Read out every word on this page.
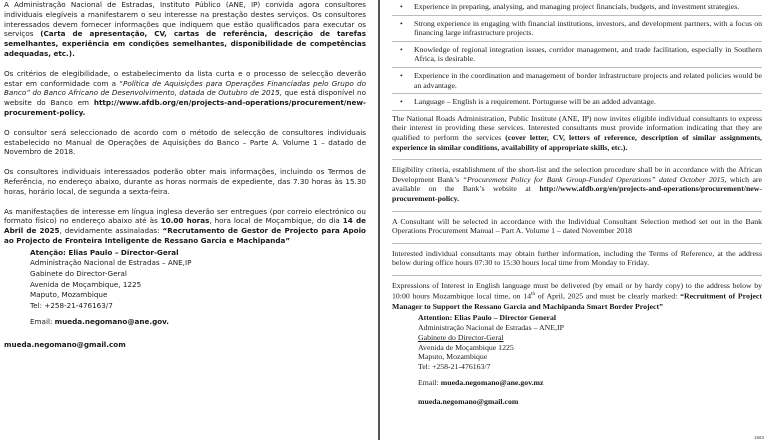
A Administração Nacional de Estradas, Instituto Público (ANE, IP) convida agora consultores individuais elegíveis a manifestarem o seu interesse na prestação destes serviços. Os consultores interessados devem fornecer informações que indiquem que estão qualificados para executar os serviços (Carta de apresentação, CV, cartas de referência, descrição de tarefas semelhantes, experiência em condições semelhantes, disponibilidade de competências adequadas, etc.).

Os critérios de elegibilidade, o estabelecimento da lista curta e o processo de selecção deverão estar em conformidade com a “Política de Aquisições para Operações Financiadas pelo Grupo do Banco” do Banco Africano de Desenvolvimento, datada de Outubro de 2015, que está disponível no website do Banco em http://www.afdb.org/en/projects-and-operations/procurement/new-procurement-policy.

O consultor será seleccionado de acordo com o método de selecção de consultores individuais estabelecido no Manual de Operações de Aquisições do Banco – Parte A. Volume 1 – datado de Novembro de 2018.

Os consultores individuais interessados poderão obter mais informações, incluindo os Termos de Referência, no endereço abaixo, durante as horas normais de expediente, das 7.30 horas às 15.30 horas, horário local, de segunda a sexta-feira.

As manifestações de interesse em língua inglesa deverão ser entregues (por correio electrónico ou formato físico) no endereço abaixo até às 10.00 horas, hora local de Moçambique, do dia 14 de Abril de 2025, devidamente assinaladas: “Recrutamento de Gestor de Projecto para Apoio ao Projecto de Fronteira Inteligente de Ressano Garcia e Machipanda”

Atenção: Elias Paulo – Director-Geral
Administração Nacional de Estradas – ANE,IP
Gabinete do Director-Geral
Avenida de Moçambique, 1225
Maputo, Mozambique
Tel: +258-21-476163/7
Email: mueda.negomano@ane.gov.
mueda.negomano@gmail.com
• Experience in preparing, analysing, and managing project financials, budgets, and investment strategies.
• Strong experience in engaging with financial institutions, investors, and development partners, with a focus on financing large infrastructure projects.
• Knowledge of regional integration issues, corridor management, and trade facilitation, especially in Southern Africa, is desirable.
• Experience in the coordination and management of border infrastructure projects and related policies would be an advantage.
• Language – English is a requirement. Portuguese will be an added advantage.

The National Roads Administration, Public Institute (ANE, IP) now invites eligible individual consultants to express their interest in providing these services. Interested consultants must provide information indicating that they are qualified to perform the services (cover letter, CV, letters of reference, description of similar assignments, experience in similar conditions, availability of appropriate skills, etc.).

Eligibility criteria, establishment of the short-list and the selection procedure shall be in accordance with the African Development Bank’s “Procurement Policy for Bank Group-Funded Operations” dated October 2015, which are available on the Bank’s website at http://www.afdb.org/en/projects-and-operations/procurement/new-procurement-policy.

A Consultant will be selected in accordance with the Individual Consultant Selection method set out in the Bank Operations Procurement Manual – Part A. Volume 1 – dated November 2018

Interested individual consultants may obtain further information, including the Terms of Reference, at the address below during office hours 07:30 to 15:30 hours local time from Monday to Friday.

Expressions of Interest in English language must be delivered (by email or by hardy copy) to the address below by 10:00 hours Mozambique local time, on 14th of April, 2025 and must be clearly marked: “Recruitment of Project Manager to Support the Ressano Garcia and Machipanda Smart Border Project”

Attention: Elias Paulo – Director General
Administração Nacional de Estradas – ANE,IP
Gabinete do Director-Geral
Avenida de Moçambique 1225
Maputo, Mozambique
Tel: +258-21-476163/7
Email: mueda.negomano@ane.gov.mz
mueda.negomano@gmail.com
1663
